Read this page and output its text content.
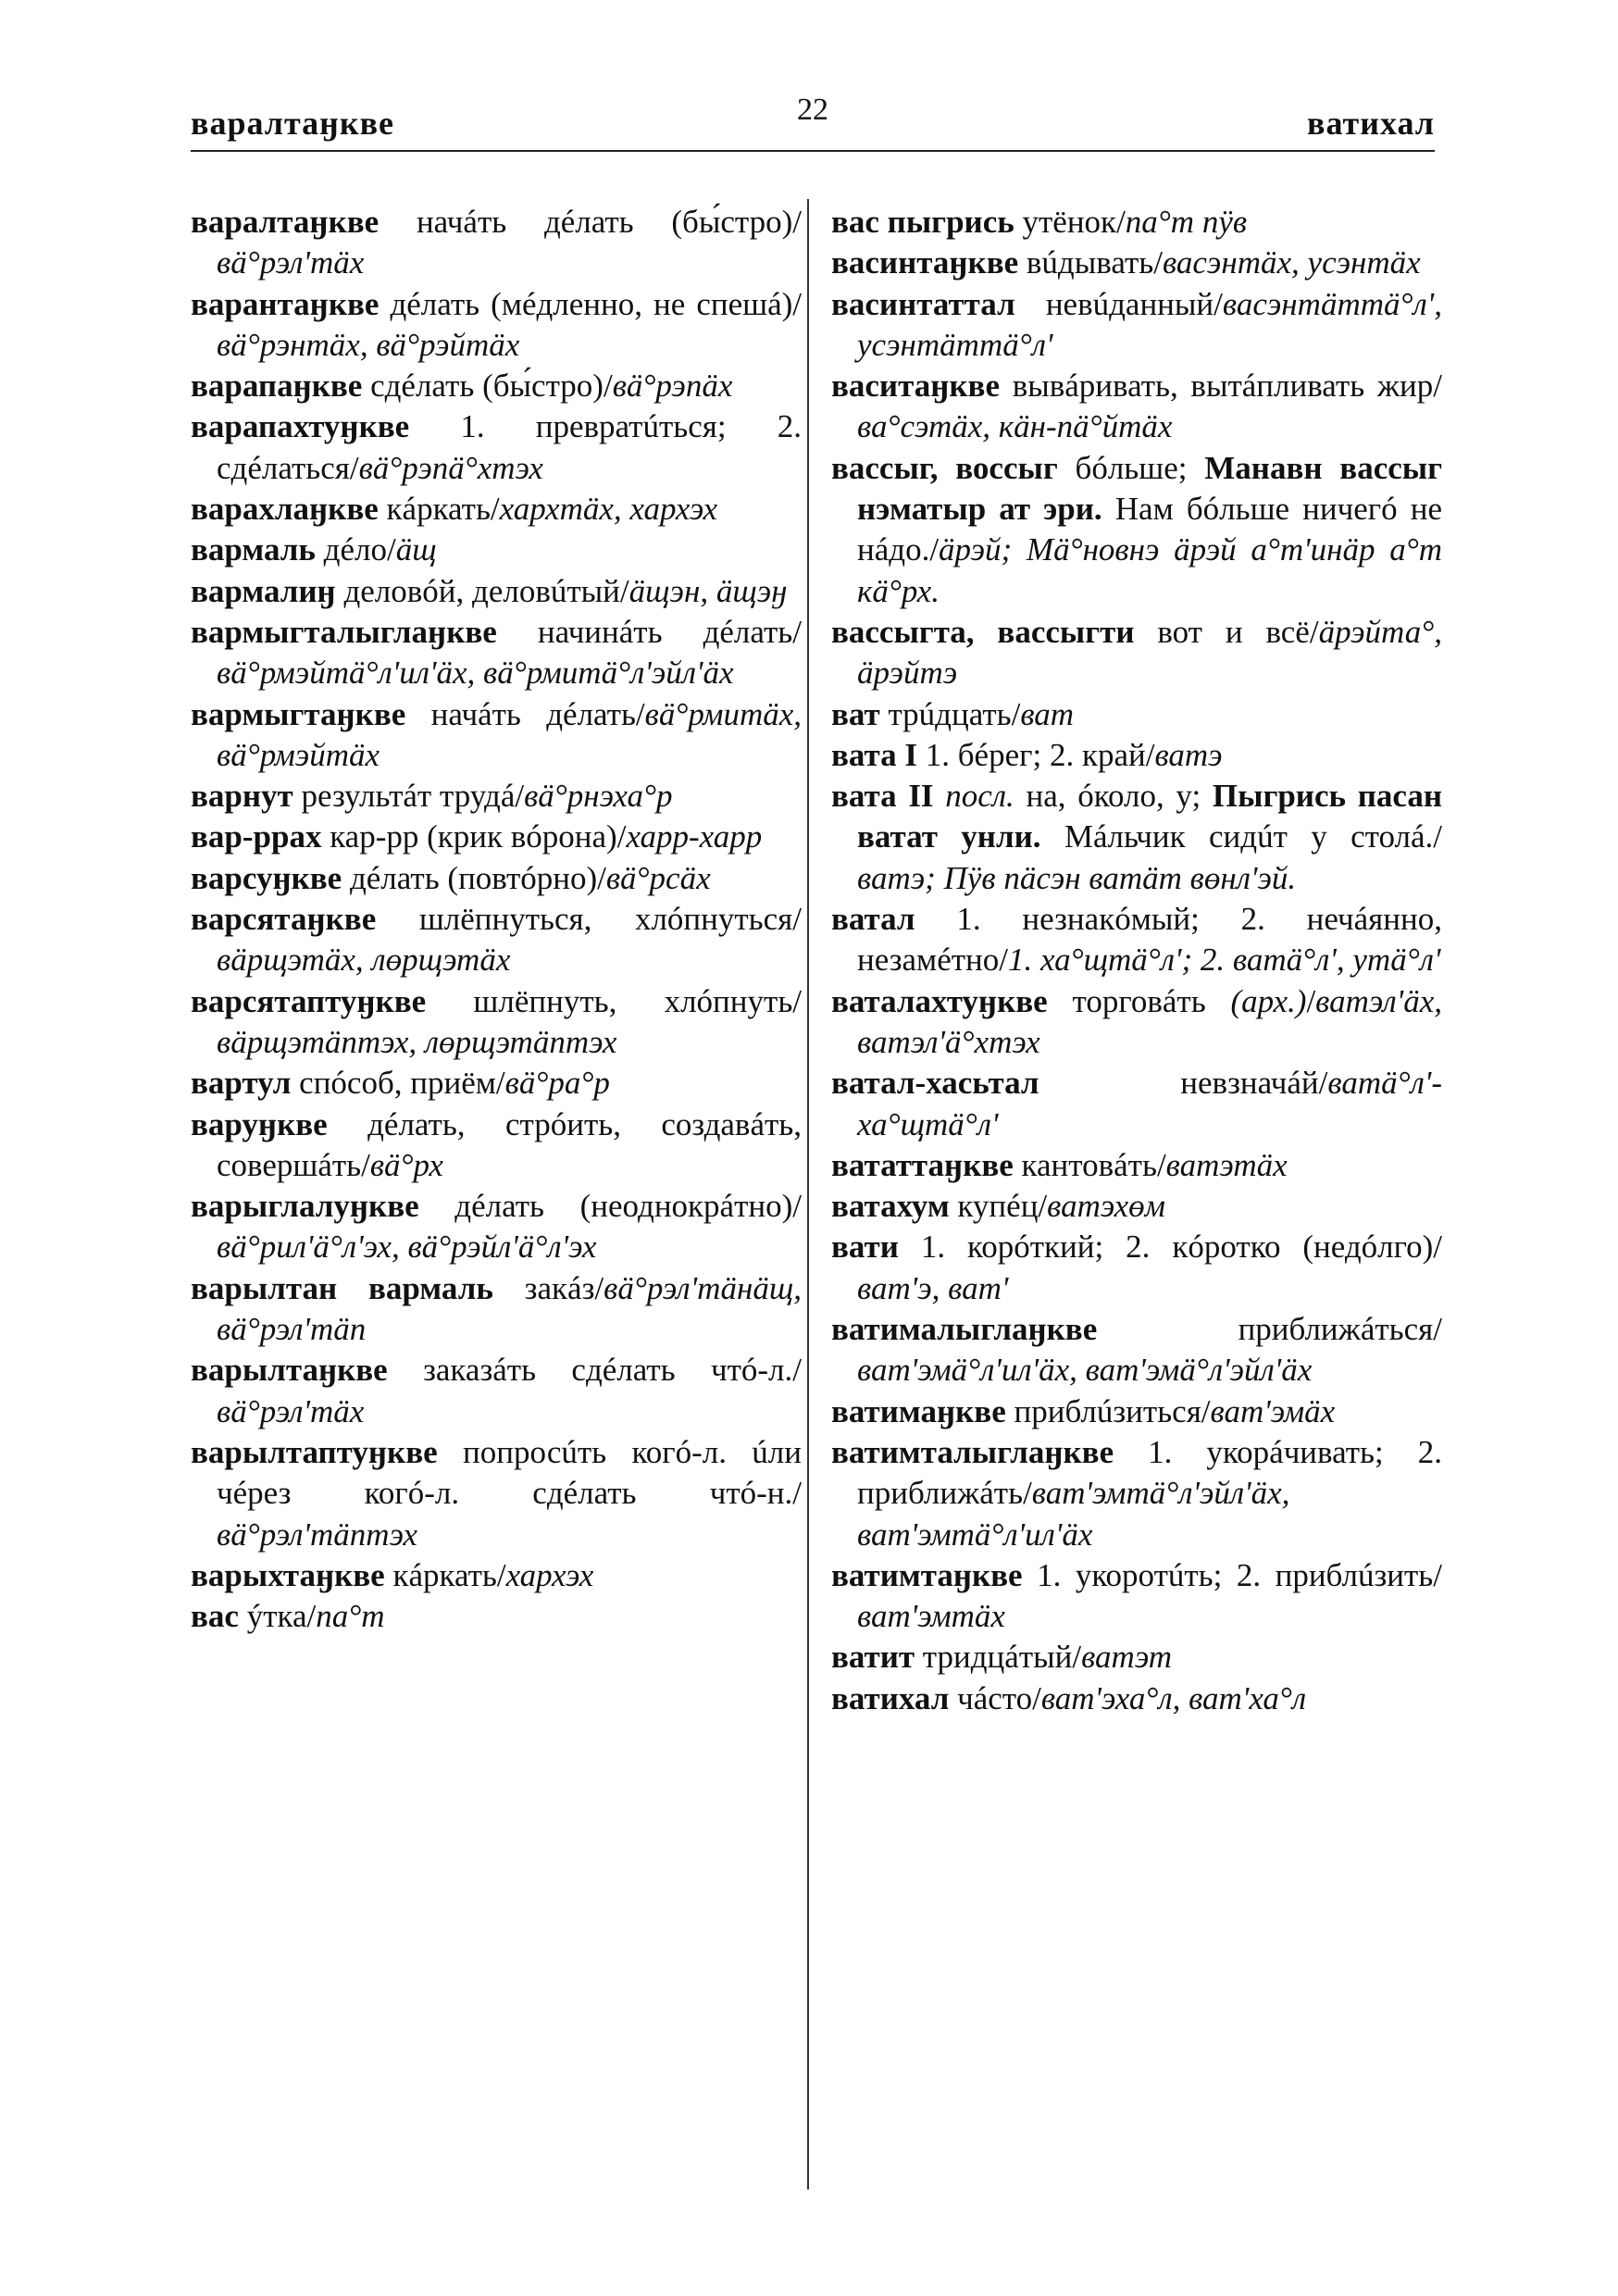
варалтаӈкве	22	ватихал

варалтаӈкве начáть дéлать (бы́стро)/вä°рэл'тäх

варантаӈкве дéлать (мéдленно, не спешá)/вä°рэнтäх, вä°рэйтäх

варапаӈкве сдéлать (бы́стро)/вä°рэпäх

варапахтуӈкве 1. превратúться; 2. сдéлаться/вä°рэпä°хтэх

варахлаӈкве кáркать/хархтäх, хархэх

вармаль дéло/äщ

вармалиӈ деловóй, деловúтый/äщэн, äщэӈ

вармыгталыглаӈкве начинáть дéлать/вä°рмэйтä°л'ил'äх, вä°рмитä°л'эйл'äх

вармыгтаӈкве начáть дéлать/вä°рмитäх, вä°рмэйтäх

варнут результáт трудá/вä°рнэха°р

вар-ррах кар-рр (крик вóрона)/харр-харр

варсуӈкве дéлать (повтóрно)/вä°рсäх

варсятаӈкве шлёпнуться, хлóпнуться/вäрщэтäх, лөрщэтäх

варсятаптуӈкве шлёпнуть, хлóпнуть/вäрщэтäптэх, лөрщэтäптэх

вартул спóсоб, приём/вä°ра°р

варуӈкве дéлать, стрóить, создавáть, совершáть/вä°рх

варыглалуӈкве дéлать (неоднокрáтно)/вä°рил'ä°л'эх, вä°рэйл'ä°л'эх

варылтан вармаль закáз/вä°рэл'тäнäщ, вä°рэл'тäп

варылтаӈкве заказáть сдéлать чтó-л./вä°рэл'тäх

варылтаптуӈкве попросúть когó-л. úли чéрез когó-л. сдéлать чтó-н./вä°рэл'тäптэх

варыхтаӈкве кáркать/хархэх

вас ýтка/па°т

вас пыгрись утёнок/па°т пӱв

васинтаӈкве вúдывать/васэнтäх, усэнтäх

васинтаттал невúданный/васэнтäттä°л', усэнтäттä°л'

васитаӈкве вывáривать, вытáпливать жир/ва°сэтäх, кäн-пä°йтäх

вассыг, воссыг бóльше; Манавн вассыг нэматыр ат эри. Нам бóльше ничегó не нáдо./äрэй; Мä°новнэ äрэй а°т'инäр а°т кä°рх.

вассыгта, вассыгти вот и всё/äрэйта°, äрэйтэ

ват трúдцать/ват

вата I 1. бéрег; 2. край/ватэ

вата II посл. на, óколо, у; Пыгрись пасан ватат унли. Мáльчик сидúт у столá./ватэ; Пӱв пäсэн ватäт вөнл'эй.

ватал 1. незнакóмый; 2. нечáянно, незамéтно/1. ха°щтä°л'; 2. ватä°л', утä°л'

ваталахтуӈкве торговáть (арх.)/ватэл'äх, ватэл'ä°хтэх

ватал-хасьтал невзначáй/ватä°л'-ха°щтä°л'

вататтаӈкве кантовáть/ватэтäх

ватахум купéц/ватэхөм

вати 1. корóткий; 2. кóротко (недóлго)/ват'э, ват'

ватималыглаӈкве приближáться/ват'эмä°л'ил'äх, ват'эмä°л'эйл'äх

ватимаӈкве приблúзиться/ват'эмäх

ватимталыглаӈкве 1. укорáчивать; 2. приближáть/ват'эмтä°л'эйл'äх, ват'эмтä°л'ил'äх

ватимтаӈкве 1. укоротúть; 2. приблúзить/ват'эмтäх

ватит тридцáтый/ватэт

ватихал чáсто/ват'эха°л, ват'ха°л
